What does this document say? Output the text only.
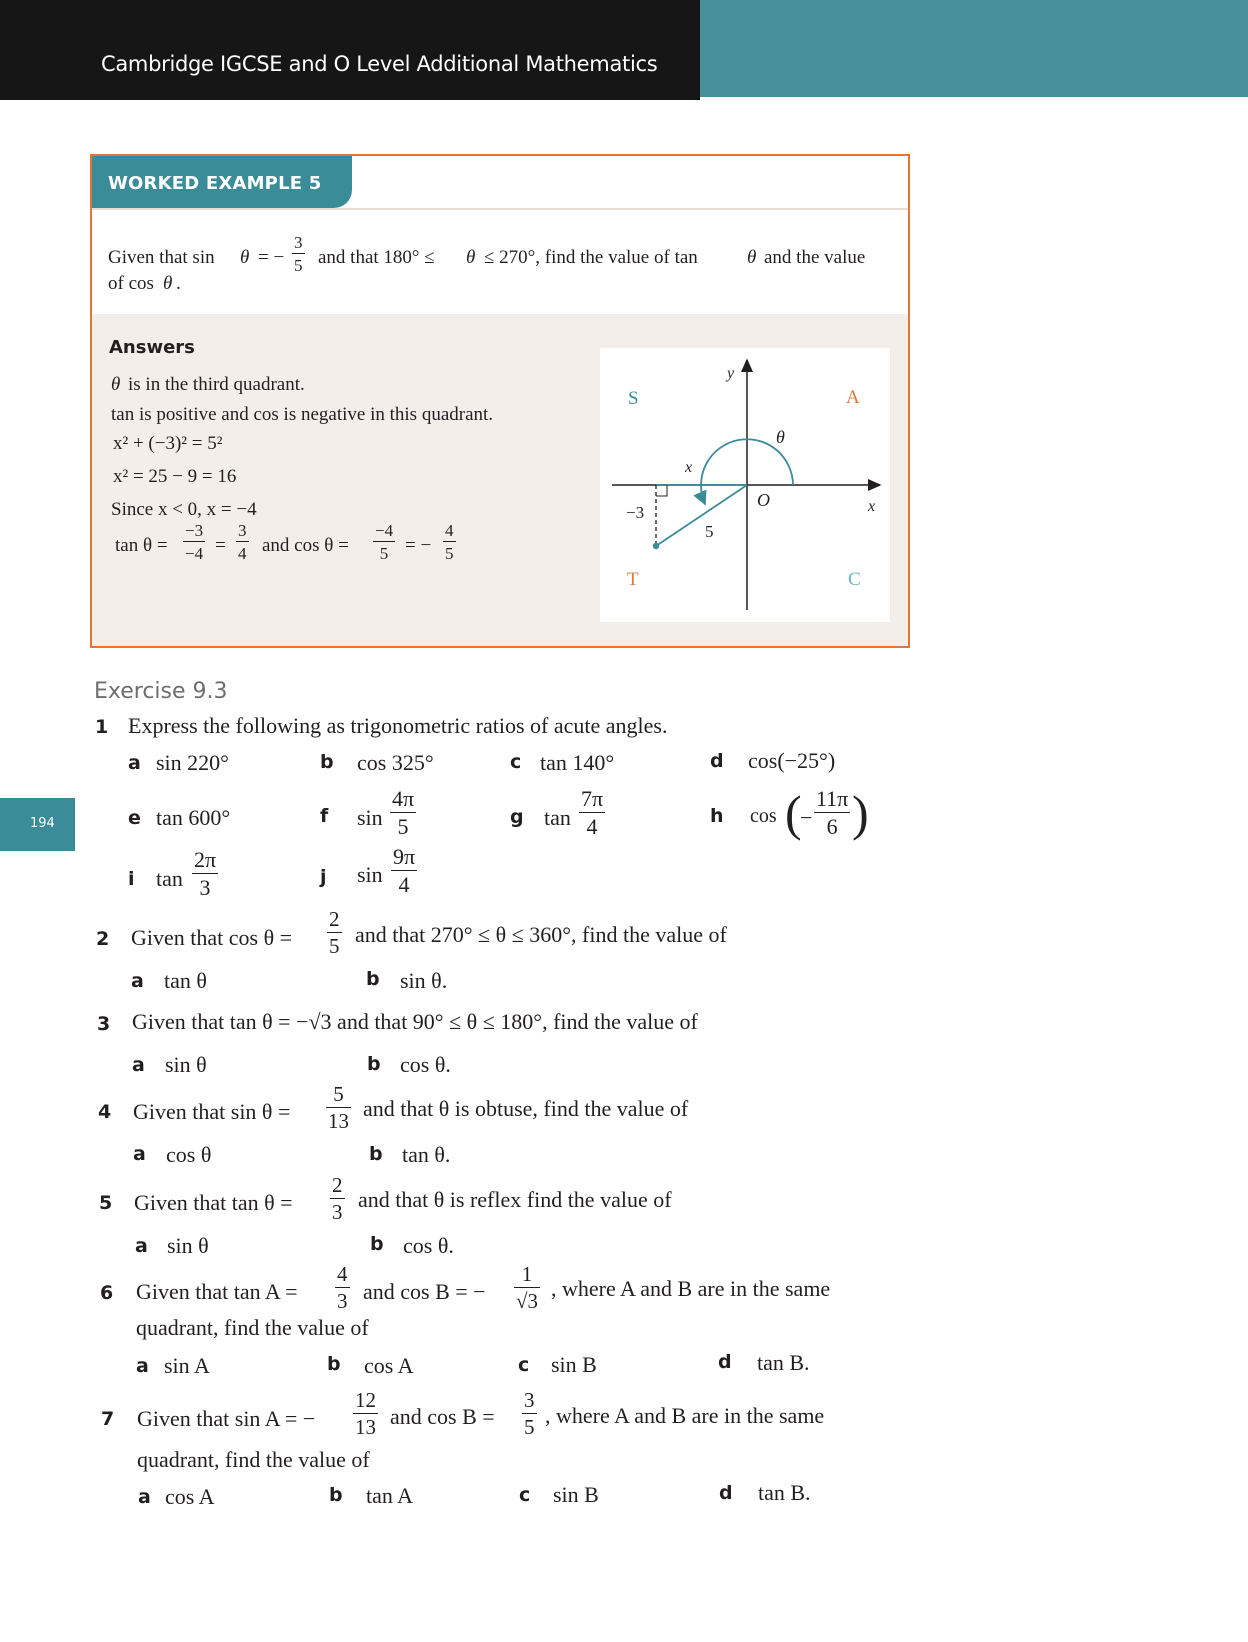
Cambridge IGCSE and O Level Additional Mathematics
WORKED EXAMPLE 5
Given that sin θ = −
3
5 and that 180° ≤ θ ≤ 270°, find the value of tan	θ and the value
of cos θ .
Answers
θ is in the third quadrant.
tan is positive and cos is negative in this quadrant.
x² + (−3)² = 5²
x² = 25 − 9 = 16
Since x < 0, x = −4
tan θ =
−3
−4 =
3
4 and cos θ =
−4
5 = −
4
5
S	A
T	C
y
x
O
θ
x
−3
5
Exercise 9.3
194
1 Express the following as trigonometric ratios of acute angles.
a sin 220°	b cos 325°	c tan 140°	d cos(−25°)
e tan 600°	f sin
4π
5	g tan
7π
4	h cos (
−
11π
6 )
i tan
2π
3	j sin
9π
4
2 Given that cos θ =
2
5 and that 270° ≤ θ ≤ 360°, find the value of
a tan θ	b sin θ.
3 Given that tan θ = −√3 and that 90° ≤ θ ≤ 180°, find the value of
a sin θ	b cos θ.
4 Given that sin θ =
5
13
and that θ is obtuse, find the value of
a cos θ	b tan θ.
5 Given that tan θ =
2
3
and that θ is reflex find the value of
a sin θ	b cos θ.
6 Given that tan A =
4
3 and cos B = −
1
√3
, where A and B are in the same
quadrant, find the value of
a sin A	b cos A	c sin B	d tan B.
7 Given that sin A = −
12
13 and cos B =
3
5 , where A and B are in the same
quadrant, find the value of
a cos A	b tan A	c sin B	d tan B.
